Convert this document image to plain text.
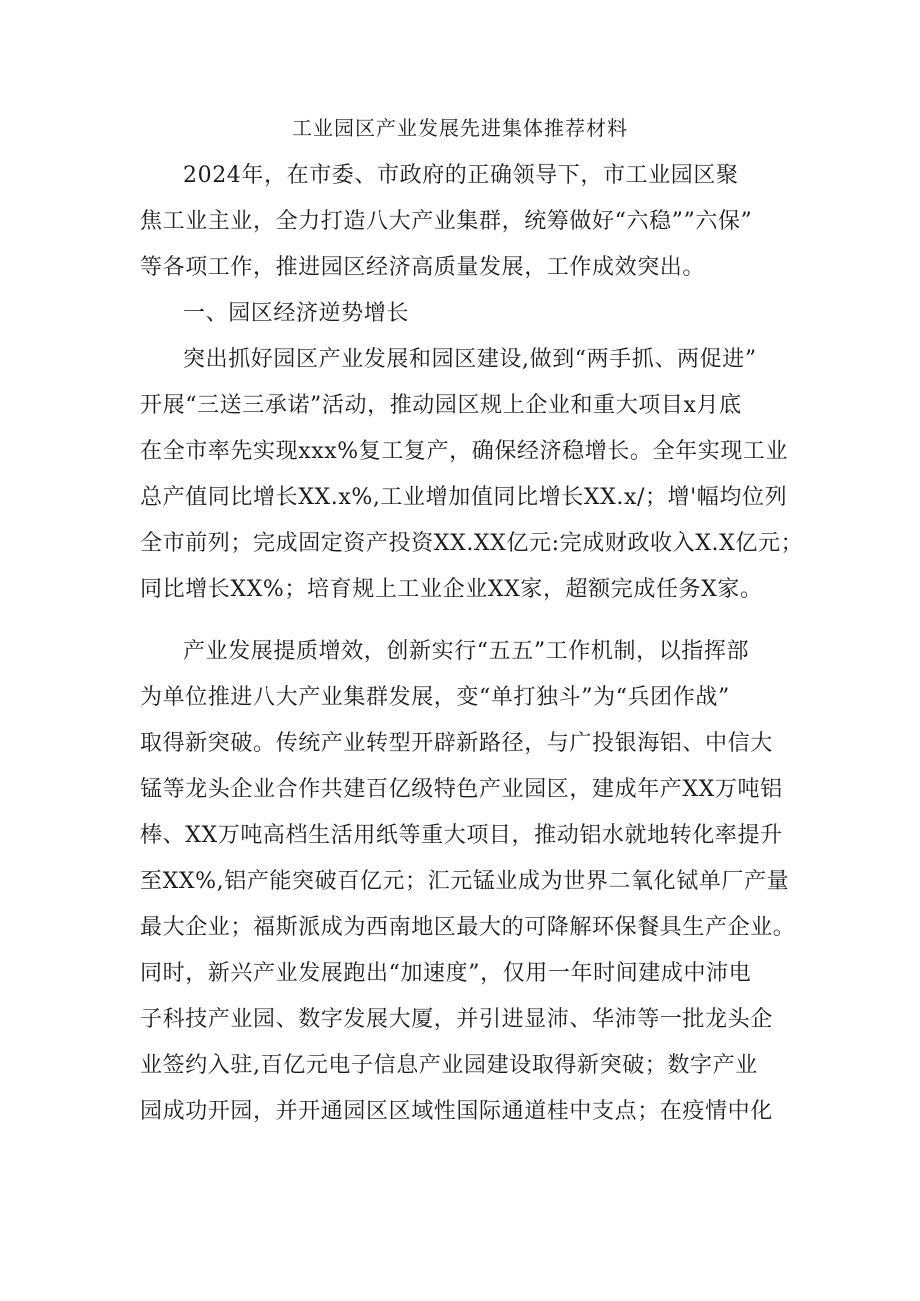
工业园区产业发展先进集体推荐材料
2024年，在市委、市政府的正确领导下，市工业园区聚
焦工业主业，全力打造八大产业集群，统筹做好“六稳””六保”
等各项工作，推进园区经济高质量发展，工作成效突出。
一、园区经济逆势增长
突出抓好园区产业发展和园区建设,做到“两手抓、两促进”
开展“三送三承诺”活动，推动园区规上企业和重大项目x月底
在全市率先实现xxx%复工复产，确保经济稳增长。全年实现工业
总产值同比增长XX.x%,工业增加值同比增长XX.x/；增'幅均位列
全市前列；完成固定资产投资XX.XX亿元:完成财政收入X.X亿元；
同比增长XX%；培育规上工业企业XX家，超额完成任务X家。
产业发展提质增效，创新实行“五五”工作机制，以指挥部
为单位推进八大产业集群发展，变“单打独斗”为“兵团作战”
取得新突破。传统产业转型开辟新路径，与广投银海铝、中信大
锰等龙头企业合作共建百亿级特色产业园区，建成年产XX万吨铝
棒、XX万吨高档生活用纸等重大项目，推动铝水就地转化率提升
至XX%,铝产能突破百亿元；汇元锰业成为世界二氧化铽单厂产量
最大企业；福斯派成为西南地区最大的可降解环保餐具生产企业。
同时，新兴产业发展跑出“加速度”，仅用一年时间建成中沛电
子科技产业园、数字发展大厦，并引进显沛、华沛等一批龙头企
业签约入驻,百亿元电子信息产业园建设取得新突破；数字产业
园成功开园，并开通园区区域性国际通道桂中支点；在疫情中化
